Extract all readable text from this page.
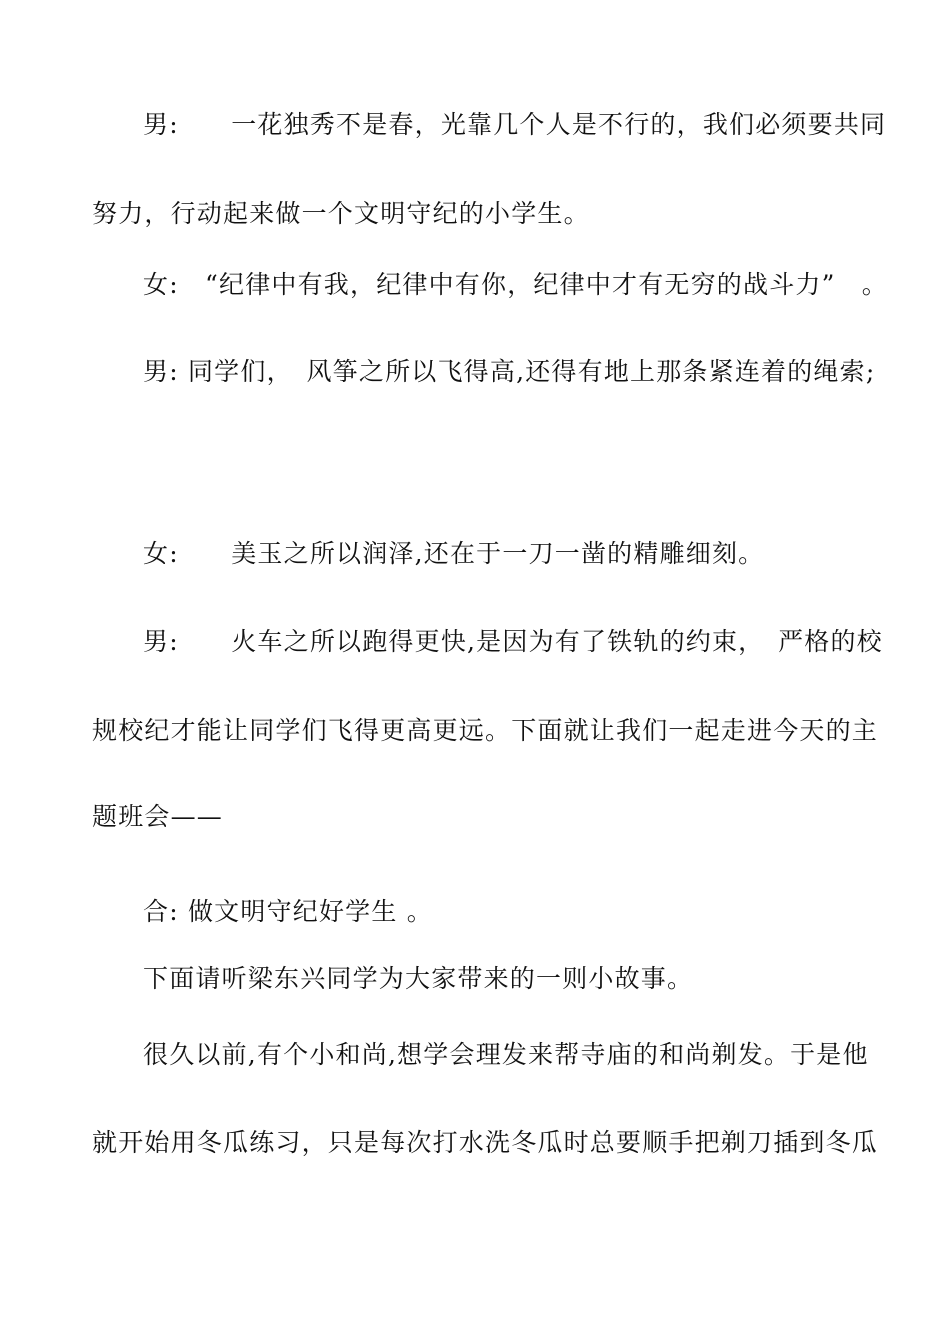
男:　　一花独秀不是春，光靠几个人是不行的，我们必须要共同
努力，行动起来做一个文明守纪的小学生。
女:　“纪律中有我，纪律中有你，纪律中才有无穷的战斗力”　。
男: 同学们，　风筝之所以飞得高,还得有地上那条紧连着的绳索;
女:　　美玉之所以润泽,还在于一刀一凿的精雕细刻。
男:　　火车之所以跑得更快,是因为有了铁轨的约束，　严格的校
规校纪才能让同学们飞得更高更远。下面就让我们一起走进今天的主
题班会——
合: 做文明守纪好学生 。
下面请听梁东兴同学为大家带来的一则小故事。
很久以前,有个小和尚,想学会理发来帮寺庙的和尚剃发。于是他
就开始用冬瓜练习，只是每次打水洗冬瓜时总要顺手把剃刀插到冬瓜
